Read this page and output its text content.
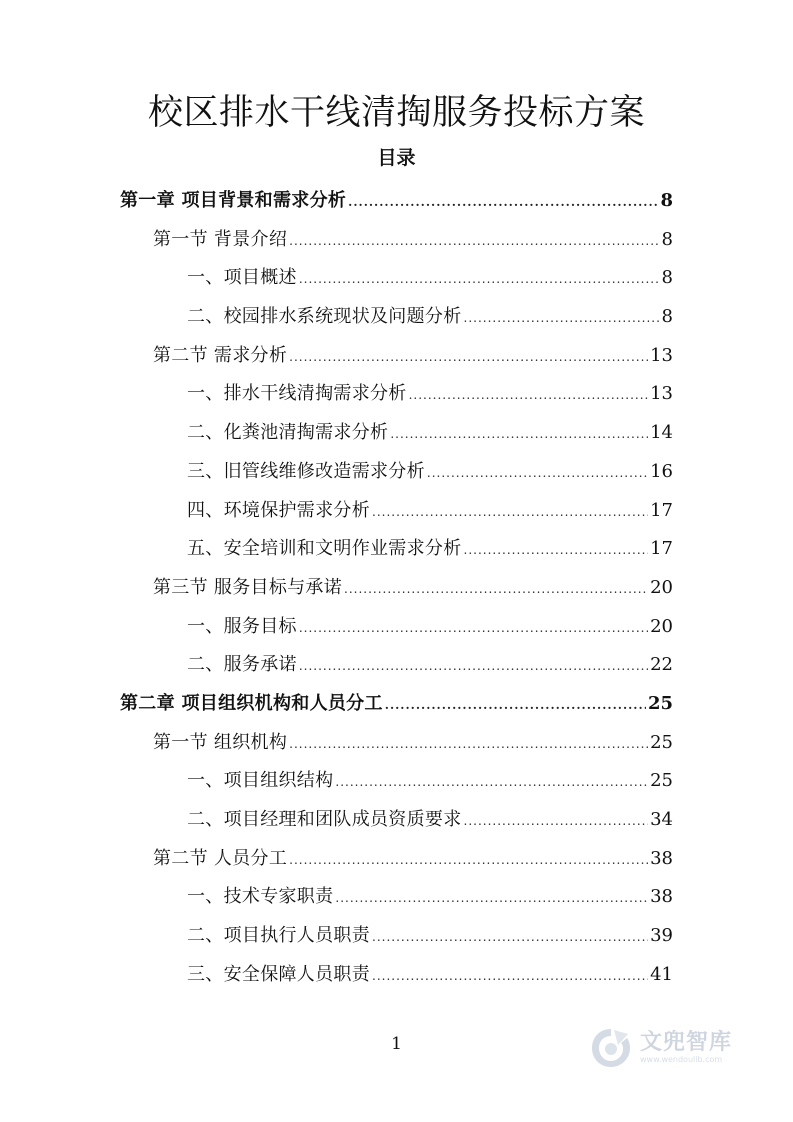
校区排水干线清掏服务投标方案
目录
第一章 项目背景和需求分析 .....	8
第一节 背景介绍 .....	8
一、项目概述 .....	8
二、校园排水系统现状及问题分析 .....	8
第二节 需求分析 .....	13
一、排水干线清掏需求分析 .....	13
二、化粪池清掏需求分析 .....	14
三、旧管线维修改造需求分析 .....	16
四、环境保护需求分析 .....	17
五、安全培训和文明作业需求分析 .....	17
第三节 服务目标与承诺 .....	20
一、服务目标 .....	20
二、服务承诺 .....	22
第二章 项目组织机构和人员分工 .....	25
第一节 组织机构 .....	25
一、项目组织结构 .....	25
二、项目经理和团队成员资质要求 .....	34
第二节 人员分工 .....	38
一、技术专家职责 .....	38
二、项目执行人员职责 .....	39
三、安全保障人员职责 .....	41
1	文兜智库
www.wendoulib.com
